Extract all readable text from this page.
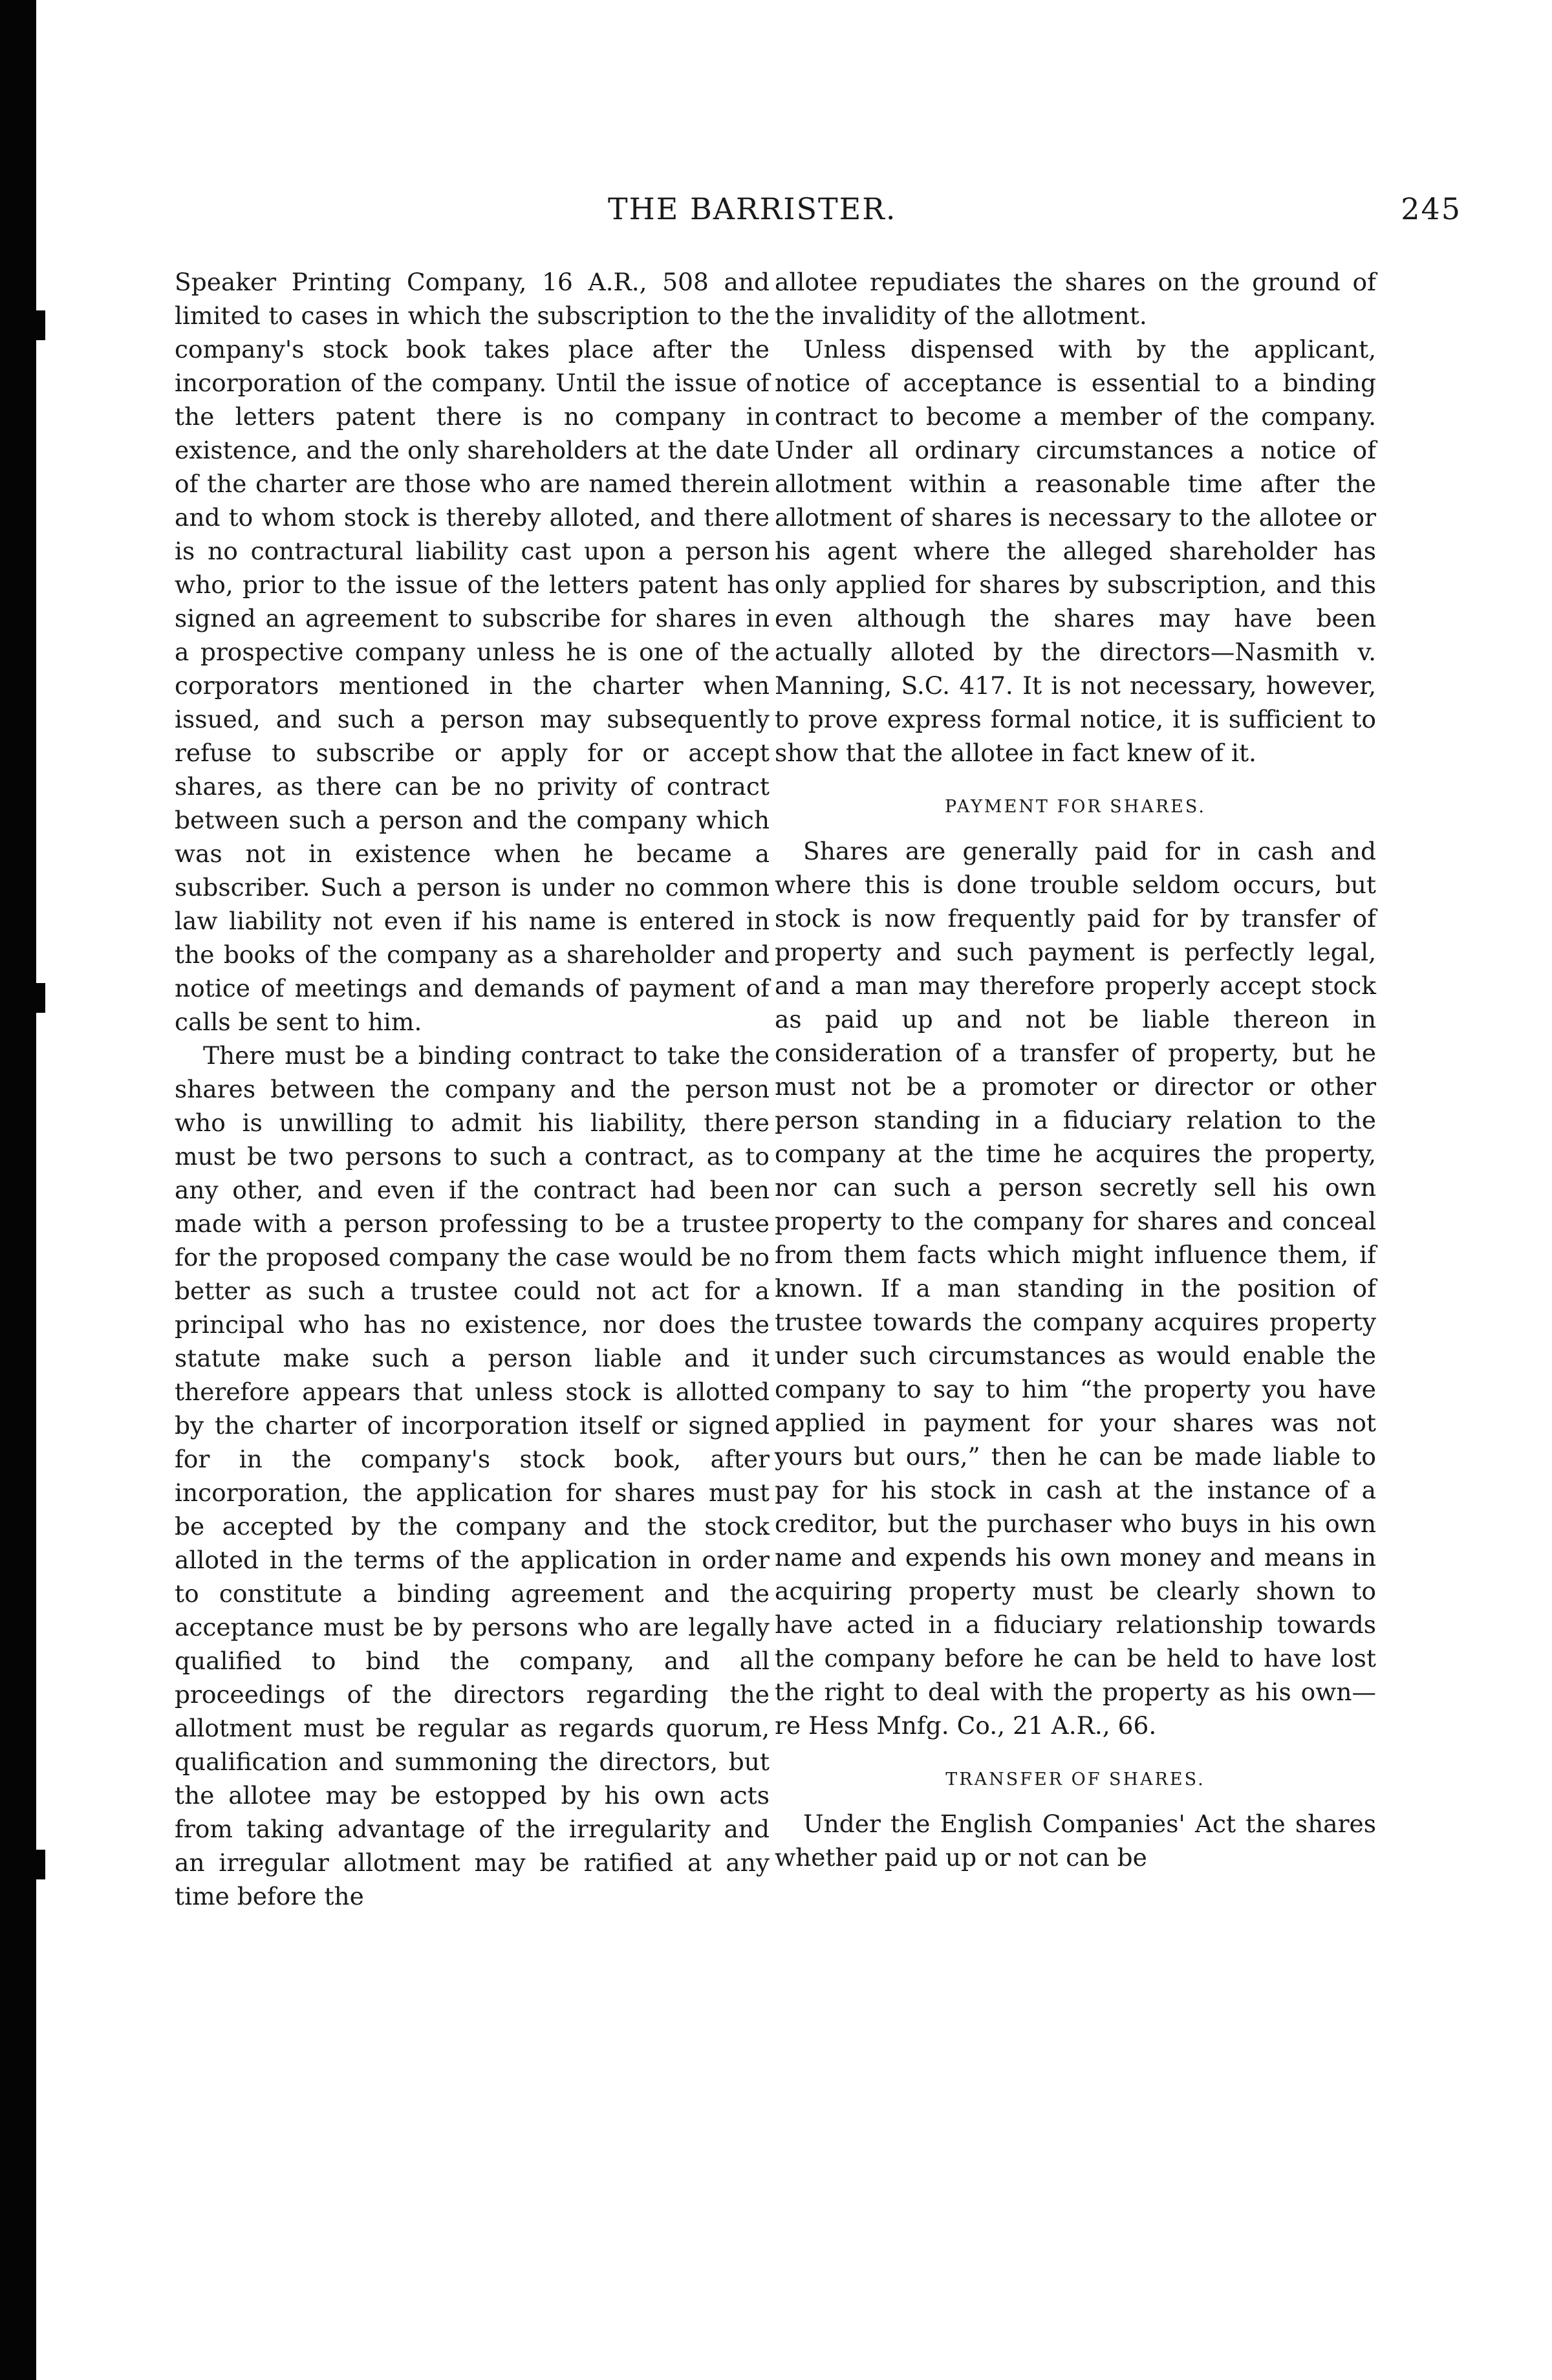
THE BARRISTER.	245

Speaker Printing Company, 16 A.R., 508 and limited to cases in which the subscription to the company's stock book takes place after the incorporation of the company. Until the issue of the letters patent there is no company in existence, and the only shareholders at the date of the charter are those who are named therein and to whom stock is thereby alloted, and there is no contractural liability cast upon a person who, prior to the issue of the letters patent has signed an agreement to subscribe for shares in a prospective company unless he is one of the corporators mentioned in the charter when issued, and such a person may subsequently refuse to subscribe or apply for or accept shares, as there can be no privity of contract between such a person and the company which was not in existence when he became a subscriber. Such a person is under no common law liability not even if his name is entered in the books of the company as a shareholder and notice of meetings and demands of payment of calls be sent to him.

There must be a binding contract to take the shares between the company and the person who is unwilling to admit his liability, there must be two persons to such a contract, as to any other, and even if the contract had been made with a person professing to be a trustee for the proposed company the case would be no better as such a trustee could not act for a principal who has no existence, nor does the statute make such a person liable and it therefore appears that unless stock is allotted by the charter of incorporation itself or signed for in the company's stock book, after incorporation, the application for shares must be accepted by the company and the stock alloted in the terms of the application in order to constitute a binding agreement and the acceptance must be by persons who are legally qualified to bind the company, and all proceedings of the directors regarding the allotment must be regular as regards quorum, qualification and summoning the directors, but the allotee may be estopped by his own acts from taking advantage of the irregularity and an irregular allotment may be ratified at any time before the

allotee repudiates the shares on the ground of the invalidity of the allotment.

Unless dispensed with by the applicant, notice of acceptance is essential to a binding contract to become a member of the company. Under all ordinary circumstances a notice of allotment within a reasonable time after the allotment of shares is necessary to the allotee or his agent where the alleged shareholder has only applied for shares by subscription, and this even although the shares may have been actually alloted by the directors—Nasmith v. Manning, S.C. 417. It is not necessary, however, to prove express formal notice, it is sufficient to show that the allotee in fact knew of it.

PAYMENT FOR SHARES.

Shares are generally paid for in cash and where this is done trouble seldom occurs, but stock is now frequently paid for by transfer of property and such payment is perfectly legal, and a man may therefore properly accept stock as paid up and not be liable thereon in consideration of a transfer of property, but he must not be a promoter or director or other person standing in a fiduciary relation to the company at the time he acquires the property, nor can such a person secretly sell his own property to the company for shares and conceal from them facts which might influence them, if known. If a man standing in the position of trustee towards the company acquires property under such circumstances as would enable the company to say to him “the property you have applied in payment for your shares was not yours but ours,” then he can be made liable to pay for his stock in cash at the instance of a creditor, but the purchaser who buys in his own name and expends his own money and means in acquiring property must be clearly shown to have acted in a fiduciary relationship towards the company before he can be held to have lost the right to deal with the property as his own—re Hess Mnfg. Co., 21 A.R., 66.

TRANSFER OF SHARES.

Under the English Companies' Act the shares whether paid up or not can be
